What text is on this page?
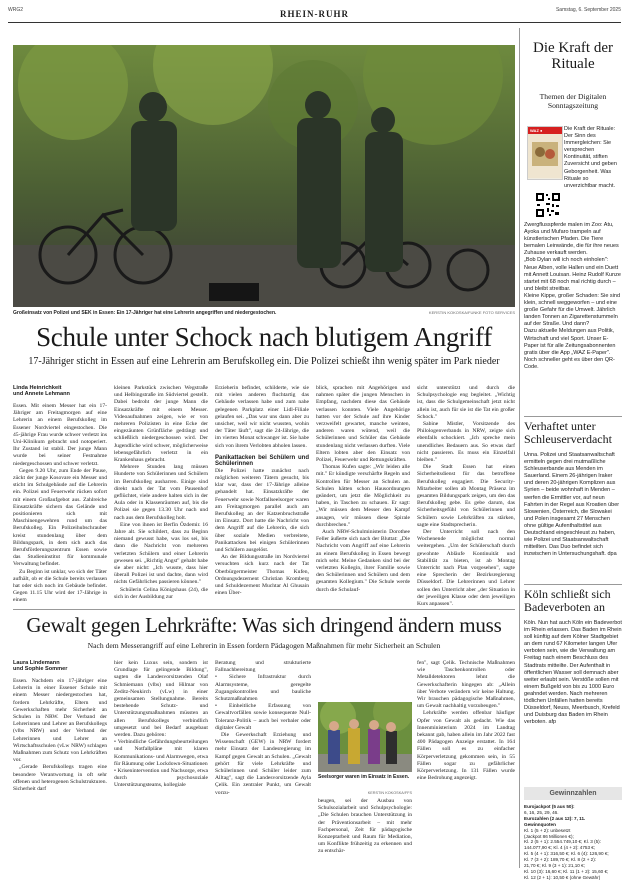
WRG2	RHEIN-RUHR	Samstag, 6. September 2025
Großeinsatz von Polizei und SEK in Essen: Ein 17-Jähriger hat eine Lehrerin angegriffen und niedergestochen.	KERSTIN KOKOSKA/FUNKE FOTO SERVICES
Schule unter Schock nach blutigem Angriff
17-Jähriger sticht in Essen auf eine Lehrerin am Berufskolleg ein. Die Polizei schießt ihn wenig später im Park nieder
Linda Heinrichkeit
und Annete Lehmann

Essen. Mit einem Messer hat ein 17-Jähriger am Freitagmorgen auf eine Lehrerin an einem Berufskolleg im Essener Nordviertel eingestochen. Die 45-jährige Frau wurde schwer verletzt ins Uni-Klinikum gebracht und notoperiert. Ihr Zustand ist stabil. Der junge Mann wurde bei seiner Festnahme niedergeschossen und schwer verletzt.

Gegen 9.20 Uhr, zum Ende der Pause, zückt der junge Kosovare ein Messer und sticht im Schulgebäude auf die Lehrerin ein. Polizei und Feuerwehr rücken sofort mit einem Großaufgebot aus. Zahlreiche Einsatzkräfte sichern das Gelände und positionieren sich mit Maschinengewehren rund um das Berufskolleg. Ein Polizeihubschrauber kreist stundenlang über dem Bildungspark, in dem sich auch das Berufsförderungszentrum Essen sowie das Studieninstitut für kommunale Verwaltung befindet.

Zu Beginn ist unklar, wo sich der Täter aufhält, ob er die Schule bereits verlassen hat oder sich noch im Gebäude befindet. Gegen 11.15 Uhr wird der 17-Jährige in einem

kleinen Parkstück zwischen Wegstraße und Helbingstraße im Südviertel gestellt. Dabei bedroht der junge Mann die Einsatzkräfte mit einem Messer. Videoaufnahmen zeigen, wie er von mehreren Polizisten in eine Ecke der eingezäunten Grünfläche gedrängt und schließlich niedergeschossen wird. Der Jugendliche wird schwer, möglicherweise lebensgefährlich verletzt in ein Krankenhaus gebracht.

Mehrere Stunden lang müssen Hunderte von Schülerinnen und Schülern im Berufskolleg ausharren. Einige sind direkt nach der Tat vom Pausenhof geflüchtet, viele andere halten sich in der Aula oder in Klassenräumen auf, bis die Polizei sie gegen 13.30 Uhr nach und nach aus dem Berufskolleg holt.

Eine von ihnen ist Berfin Özdemir. 16 Jahre alt. Sie schildert, dass zu Beginn niemand gewusst habe, was los sei, bis dann die Nachricht von mehreren verletzten Schülern und einer Lehrerin gewesen sei. „Richtig Angst" gehabt habe sie aber nicht: „Ich wusste, dass hier überall Polizei ist und dachte, dann wird nichts Gefährliches passieren können."

Schülerin Celina Königshaus (24), die sich in der Ausbildung zur

Erzieherin befindet, schilderte, wie sie mit vielen anderen fluchtartig das Gebäude verlassen habe und zum nahe gelegenen Parkplatz einer Lidl-Filiale gelaufen sei. „Das war uns dann aber zu unsicher, weil wir nicht wussten, wohin der Täter läuft", sagt die 24-Jährige, die im vierten Monat schwanger ist. Sie habe sich von ihrem Verlobten abholen lassen.

Panikattacken bei Schülern und Schülerinnen

Die Polizei hatte zunächst nach möglichen weiteren Tätern gesucht, bis klar war, dass der 17-Jährige alleine gehandelt hat. Einsatzkräfte der Feuerwehr sowie Notfallseelsorger waren am Freitagmorgen parallel auch am Berufskolleg an der Katzenbruchstraße im Einsatz. Dort hatte die Nachricht von dem Angriff auf die Lehrerin, die sich über soziale Medien verbreitete, Panikattacken bei einigen Schülerinnen und Schülern ausgelöst.

An der Bildungsstraße im Nordviertel versuchten sich kurz nach der Tat Oberbürgermeister Thomas Kufen, Ordnungsdezernent Christian Kromberg und Schuldezernent Muchtar Al Ghusain einen Über-

blick, sprachen mit Angehörigen und nahmen später die jungen Menschen in Empfang, nachdem diese das Gebäude verlassen konnten. Viele Angehörige hatten vor der Schule auf ihre Kinder verzweifelt gewartet, manche weinten, anderen waren wütend, weil die Schülerinnen und Schüler das Gebäude stundenlang nicht verlassen durften. Viele Eltern lobten aber den Einsatz von Polizei, Feuerwehr und Rettungskräften.

Thomas Kufen sagte: „Wir leiden alle mit." Er kündigte verschärfte Regeln und Kontrollen für Messer an Schulen an. Schulen hätten schon Hausordnungen geändert, um jetzt die Möglichkeit zu haben, in Taschen zu schauen. Er sagt: „Wir müssen dem Messer den Kampf ansagen, wir müssen diese Spirale durchbrechen."

Auch NRW-Schulministerin Dorothee Feller äußerte sich nach der Bluttat: „Die Nachricht vom Angriff auf eine Lehrerin an einem Berufskolleg in Essen bewegt mich sehr. Meine Gedanken sind bei der verletzten Kollegin, ihrer Familie sowie den Schülerinnen und Schülern und dem gesamten Kollegium." Die Schule werde durch die Schulauf-

sicht unterstützt und durch die Schulpsychologie eng begleitet. „Wichtig ist, dass die Schulgemeinschaft jetzt nicht allein ist, auch für sie ist die Tat ein großer Schock."

Sabine Mistler, Vorsitzende des Philologenverbands in NRW, zeigte sich ebenfalls schockiert. „Ich spreche mein unendliches Bedauern aus. So etwas darf nicht passieren. Es muss ein Einzelfall bleiben."

Die Stadt Essen hat einen Sicherheitsdienst für das betroffene Berufskolleg engagiert. Die Security-Mitarbeiter sollen ab Montag Präsenz im gesamten Bildungspark zeigen, um den das Berufskolleg gebe. Es gebe darum, das Sicherheitsgefühl von Schülerinnen und Schülern sowie Lehrkräften zu stärken, sagte eine Stadtsprecherin.

Der Unterricht soll nach den Wochenende möglichst normal weitergehen. „Um der Schülerschaft durch gewohnte Abläufe Kontinuität und Stabilität zu bieten, ist ab Montag Unterricht nach Plan vorgesehen", sagte eine Sprecherin der Bezirksregierung Düsseldorf. Die Lehrerinnen und Lehrer sollen den Unterricht aber „der Situation in der jeweiligen Klasse oder dem jeweiligen Kurs anpassen".

Gewalt gegen Lehrkräfte: Was sich dringend ändern muss
Nach dem Messerangriff auf eine Lehrerin in Essen fordern Pädagogen Maßnahmen für mehr Sicherheit an Schulen
Laura Lindemann
und Sophie Sommer

Essen. Nachdem ein 17-jähriger eine Lehrerin in einer Essener Schule mit einem Messer niedergestochen hat, fordern Lehrkräfte, Eltern und Gewerkschaften mehr Sicherheit an Schulen in NRW. Der Verband der Lehrerinnen und Lehrer an Berufskollegs (vlbs NRW) und der Verband der Lehrerinnen und Lehrer an Wirtschaftsschulen (vLw NRW) schlagen Maßnahmen zum Schutz von Lehrkräften vor.

„Gerade Berufskollegs tragen eine besondere Verantwortung in oft sehr offenen und heterogenen Schulstrukturen. Sicherheit darf

hier kein Luxus sein, sondern ist Grundlage für gelingende Bildung", sagten die Landesvorsitzenden Olaf Schmiemann (vlbs) und Hilmar von Zeditz-Neukirch (vLw) in einer gemeinsamen Stellungnahme. Bereits bestehende Schutz- und Unterstützungsmaßnahmen müssten an allen Berufskollegs verbindlich umgesetzt und bei Bedarf ausgebaut werden. Dazu gehören:

• Verbindliche Gefährdungsbeurteilungen und Notfallpläne mit klaren Kommunikations- und Alarmwegen, etwa für Räumung oder Lockdown-Situationen

• Krisenintervention und Nachsorge, etwa durch psychosoziale Unterstützungsteams, kollegiale

Beratung und strukturierte Fallnachbereitung

• Sichere Infrastruktur durch Alarmsysteme, geregelte Zugangskontrollen und bauliche Schutzmaßnahmen

• Einheitliche Erfassung von Gewaltvorfällen sowie konsequente Null-Toleranz-Politik – auch bei verbaler oder digitaler Gewalt

Die Gewerkschaft Erziehung und Wissenschaft (GEW) in NRW fordert mehr Einsatz der Landesregierung im Kampf gegen Gewalt an Schulen. „Gewalt gehört für viele Lehrkräfte und Schülerinnen und Schüler leider zum Alltag", sagt die Landesvorsitzende Ayla Çelik. Ein zentraler Punkt, um Gewalt vorzu-

Seelsorger waren im Einsatz in Essen.
KERSTIN KOKOSKA/FFS

beugen, sei der Ausbau von Schulsozialarbeit und Schulpsychologie: „Die Schulen brauchen Unterstützung in der Präventionsarbeit – mit mehr Fachpersonal, Zeit für pädagogische Konzeptarbeit und Raum für Mediation, um Konflikte frühzeitig zu erkennen und zu entschär-

fen", sagt Çelik. Technische Maßnahmen wie Taschenkontrollen oder Metalldetektoren lehnt die Gewerkschafterin hingegen ab: „Allein über Verbote verändern wir keine Haltung. Wir brauchen pädagogische Maßnahmen, um Gewalt nachhaltig vorzubeugen."

Lehrkräfte werden offenbar häufiger Opfer von Gewalt als gedacht. Wie das Innenministerium 2024 im Landtag bekannt gab, haben allein im Jahr 2022 fast 400 Pädagogen Anzeige erstattet. In 164 Fällen soll es zu einfacher Körperverletzung gekommen sein, in 55 Fällen sogar zu gefährlicher Körperverletzung. In 131 Fällen wurde eine Bedrohung angezeigt.

Die Kraft der Rituale
Themen der Digitalen Sonntagszeitung
WAZ ●	Die Kraft der Rituale: Der Sinn des Immergleichen: Sie versprechen Kontinuität, stiften Zuversicht und geben Geborgenheit. Was Rituale so unverzichtbar macht.

Zwergflusspferde malen im Zoo: Atu, Ayoka und Mufaro trampeln auf künstlerischen Pfaden. Die Tiere bemalen Leinwände, die für ihre neues Zuhause verkauft werden.

„Bob Dylan will ich noch einholen": Neue Alben, volle Hallen und ein Duett mit Annett Louisan. Heinz Rudolf Kunze startet mit 68 noch mal richtig durch – und bleibt streitbar.

Kleine Kippe, großer Schaden: Sie sind klein, schnell weggeworfen – und eine große Gefahr für die Umwelt. Jährlich landen Tonnen an Zigarettenstummeln auf der Straße. Und dann?

Dazu aktuelle Meldungen aus Politik, Wirtschaft und viel Sport. Unser E-Paper ist für alle Zeitungsabonnenten gratis über die App „WAZ E-Paper". Noch schneller geht es über den QR-Code.

Verhaftet unter Schleuserverdacht

Unna. Polizei und Staatsanwaltschaft ermitteln gegen drei mutmaßliche Schleuserbande aus Menden im Sauerland. Einem 26-jährigen Iraker und deren 20-jährigen Komplizen aus Syrien – beide wohnhaft in Menden – werfen die Ermittler vor, auf neun Fahrten in der Regel aus Kroatien über Slowenien, Österreich, die Slowakei und Polen insgesamt 27 Menschen ohne gültige Aufenthaltstitel aus Deutschland eingeschleust zu haben, wie Polizei und Staatsanwaltschaft mitteilten. Das Duo befindet sich inzwischen in Untersuchungshaft. dpa

Köln schließt sich Badeverboten an

Köln. Nun hat auch Köln ein Badeverbot im Rhein erlassen. Das Baden im Rhein soll künftig auf dem Kölner Stadtgebiet an dem rund 67 Kilometer langen Ufer verboten sein, wie die Verwaltung am Freitag nach einem Beschluss des Stadtrats mitteilte. Der Aufenthalt in öffentlichen Wasser soll demnach aber weiter erlaubt sein. Verstöße sollen mit einem Bußgeld von bis zu 1000 Euro geahndet werden. Nach mehreren tödlichen Unfällen hatten bereits Düsseldorf, Neuss, Meerbusch, Krefeld und Duisburg das Baden im Rhein verboten. afp

Gewinnzahlen

Eurojackpot (5 aus 50):

6, 16, 25, 29, 46.

Eurozahlen (2 aus 12): 7, 11.

Gewinnquoten

Kl. 1 (5 + 2): unbesetzt

(Jackpot 86 Millionen €);

Kl. 2 (5 + 1): 2.554.749,10 €; Kl. 3 (5):

144.077,90 €; Kl. 4 (4 + 2): 4753 €;

Kl. 5 (4 + 1): 316,50 €; Kl. 6 (4): 126,90 €;

Kl. 7 (3 + 2): 189,70 €; Kl. 8 (2 + 2):

21,70 €; Kl. 9 (3 + 1): 21,10 €;

Kl. 10 (3): 16,60 €; Kl. 11 (1 + 2): 15,60 €;

Kl. 12 (2 + 1): 10,50 € (ohne Gewähr)
